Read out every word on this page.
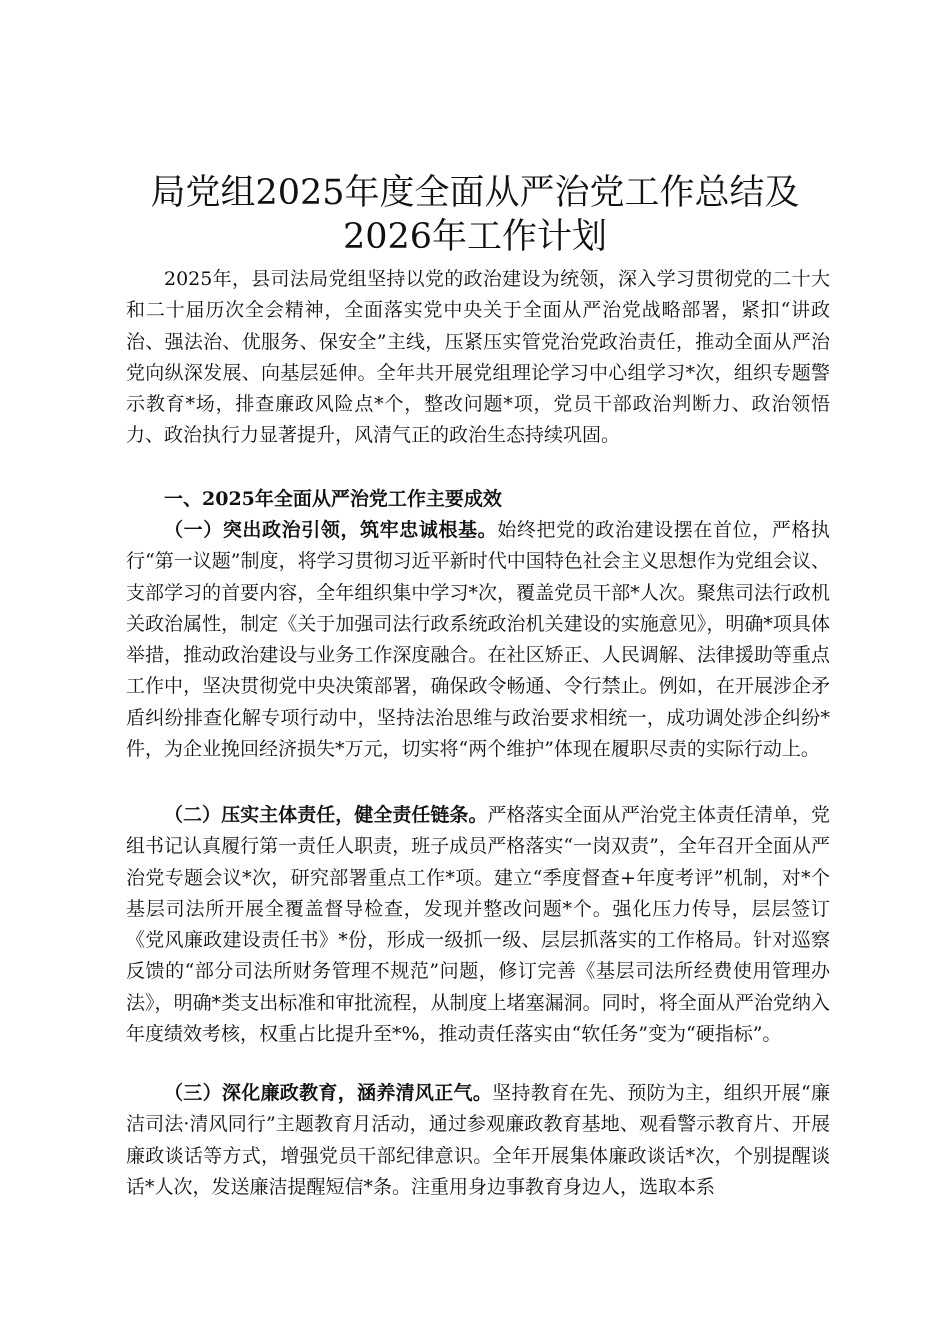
局党组2025年度全面从严治党工作总结及
2026年工作计划

2025年，县司法局党组坚持以党的政治建设为统领，深入学习贯彻党的二十大和二十届历次全会精神，全面落实党中央关于全面从严治党战略部署，紧扣“讲政治、强法治、优服务、保安全”主线，压紧压实管党治党政治责任，推动全面从严治党向纵深发展、向基层延伸。全年共开展党组理论学习中心组学习*次，组织专题警示教育*场，排查廉政风险点*个，整改问题*项，党员干部政治判断力、政治领悟力、政治执行力显著提升，风清气正的政治生态持续巩固。

一、2025年全面从严治党工作主要成效

（一）突出政治引领，筑牢忠诚根基。始终把党的政治建设摆在首位，严格执行“第一议题”制度，将学习贯彻习近平新时代中国特色社会主义思想作为党组会议、支部学习的首要内容，全年组织集中学习*次，覆盖党员干部*人次。聚焦司法行政机关政治属性，制定《关于加强司法行政系统政治机关建设的实施意见》，明确*项具体举措，推动政治建设与业务工作深度融合。在社区矫正、人民调解、法律援助等重点工作中，坚决贯彻党中央决策部署，确保政令畅通、令行禁止。例如，在开展涉企矛盾纠纷排查化解专项行动中，坚持法治思维与政治要求相统一，成功调处涉企纠纷*件，为企业挽回经济损失*万元，切实将“两个维护”体现在履职尽责的实际行动上。

（二）压实主体责任，健全责任链条。严格落实全面从严治党主体责任清单，党组书记认真履行第一责任人职责，班子成员严格落实“一岗双责”，全年召开全面从严治党专题会议*次，研究部署重点工作*项。建立“季度督查+年度考评”机制，对*个基层司法所开展全覆盖督导检查，发现并整改问题*个。强化压力传导，层层签订《党风廉政建设责任书》*份，形成一级抓一级、层层抓落实的工作格局。针对巡察反馈的“部分司法所财务管理不规范”问题，修订完善《基层司法所经费使用管理办法》，明确*类支出标准和审批流程，从制度上堵塞漏洞。同时，将全面从严治党纳入年度绩效考核，权重占比提升至*%，推动责任落实由“软任务”变为“硬指标”。

（三）深化廉政教育，涵养清风正气。坚持教育在先、预防为主，组织开展“廉洁司法·清风同行”主题教育月活动，通过参观廉政教育基地、观看警示教育片、开展廉政谈话等方式，增强党员干部纪律意识。全年开展集体廉政谈话*次，个别提醒谈话*人次，发送廉洁提醒短信*条。注重用身边事教育身边人，选取本系
